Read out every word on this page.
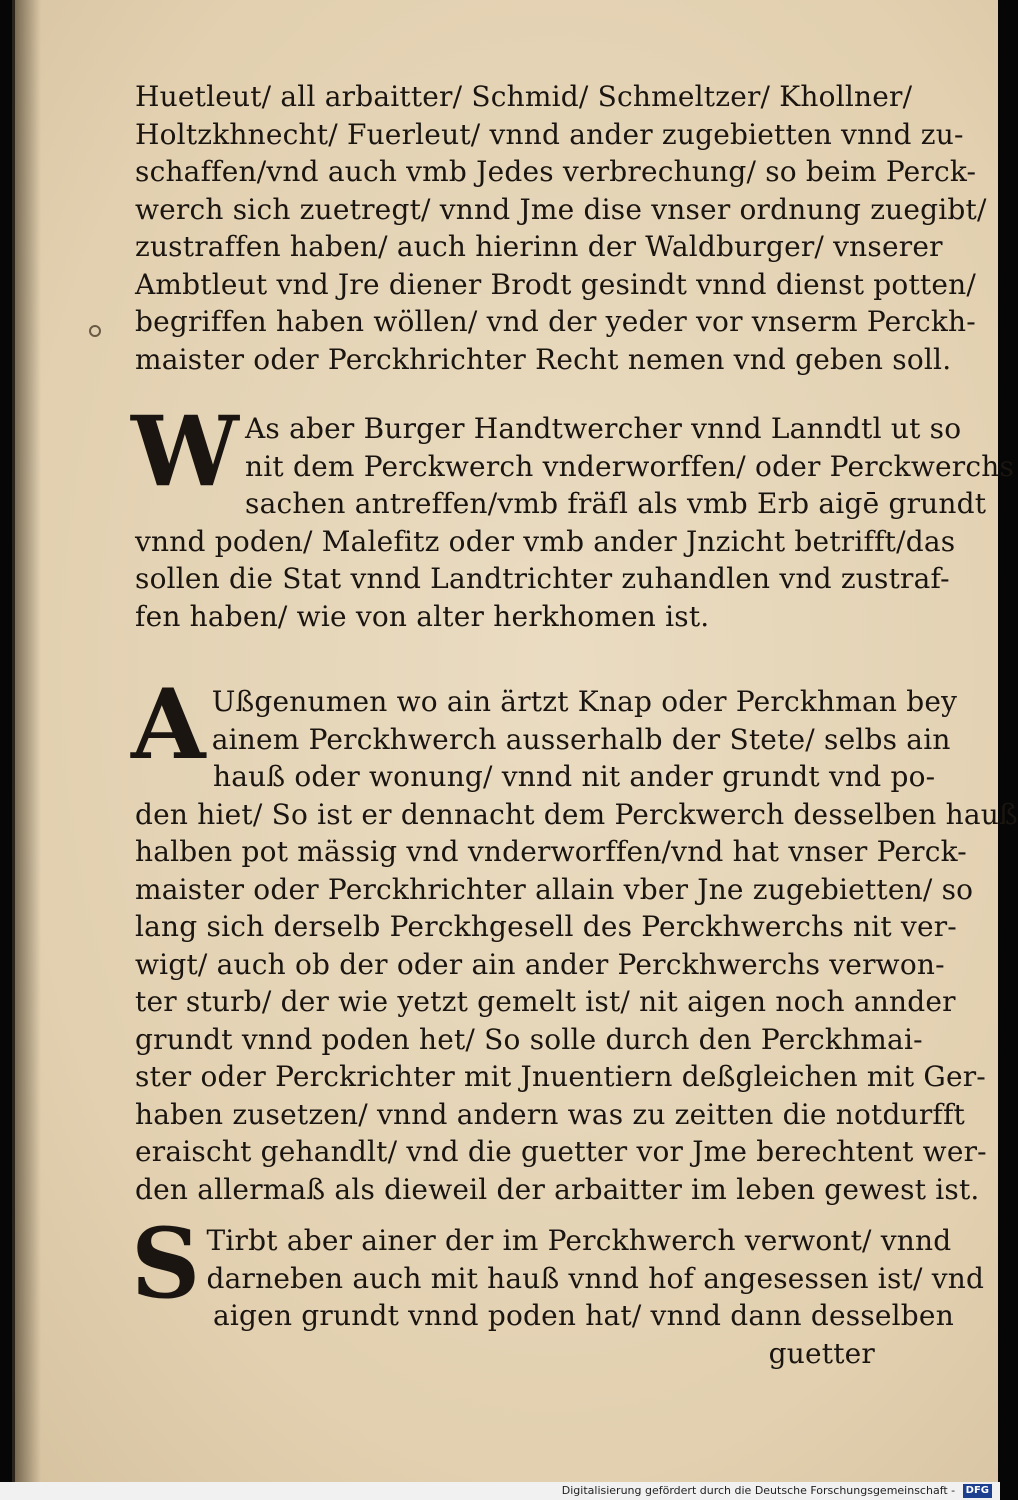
Huetleut/ all arbaitter/ Schmid/ Schmeltzer/ Khollner/
Holtzkhnecht/ Fuerleut/ vnnd ander zugebietten vnnd zu-
schaffen/vnd auch vmb Jedes verbrechung/ so beim Perck-
werch sich zuetregt/ vnnd Jme dise vnser ordnung zuegibt/
zustraffen haben/ auch hierinn der Waldburger/ vnserer
Ambtleut vnd Jre diener Brodt gesindt vnnd dienst potten/
begriffen haben wöllen/ vnd der yeder vor vnserm Perckh-
maister oder Perckhrichter Recht nemen vnd geben soll.
W As aber Burger Handtwercher vnnd Lanndtl ut so
nit dem Perckwerch vnderworffen/ oder Perckwerchs
sachen antreffen/vmb fräfl als vmb Erb aigē grundt
vnnd poden/ Malefitz oder vmb ander Jnzicht betrifft/das
sollen die Stat vnnd Landtrichter zuhandlen vnd zustraf-
fen haben/ wie von alter herkhomen ist.
A Ußgenumen wo ain ärtzt Knap oder Perckhman bey
ainem Perckhwerch ausserhalb der Stete/ selbs ain
hauß oder wonung/ vnnd nit ander grundt vnd po-
den hiet/ So ist er dennacht dem Perckwerch desselben hauß
halben pot mässig vnd vnderworffen/vnd hat vnser Perck-
maister oder Perckhrichter allain vber Jne zugebietten/ so
lang sich derselb Perckhgesell des Perckhwerchs nit ver-
wigt/ auch ob der oder ain ander Perckhwerchs verwon-
ter sturb/ der wie yetzt gemelt ist/ nit aigen noch annder
grundt vnnd poden het/ So solle durch den Perckhmai-
ster oder Perckrichter mit Jnuentiern deßgleichen mit Ger-
haben zusetzen/ vnnd andern was zu zeitten die notdurfft
eraischt gehandlt/ vnd die guetter vor Jme berechtent wer-
den allermaß als dieweil der arbaitter im leben gewest ist.
S Tirbt aber ainer der im Perckhwerch verwont/ vnnd
darneben auch mit hauß vnnd hof angesessen ist/ vnd
aigen grundt vnnd poden hat/ vnnd dann desselben
guetter
Digitalisierung gefördert durch die Deutsche Forschungsgemeinschaft - DFG
